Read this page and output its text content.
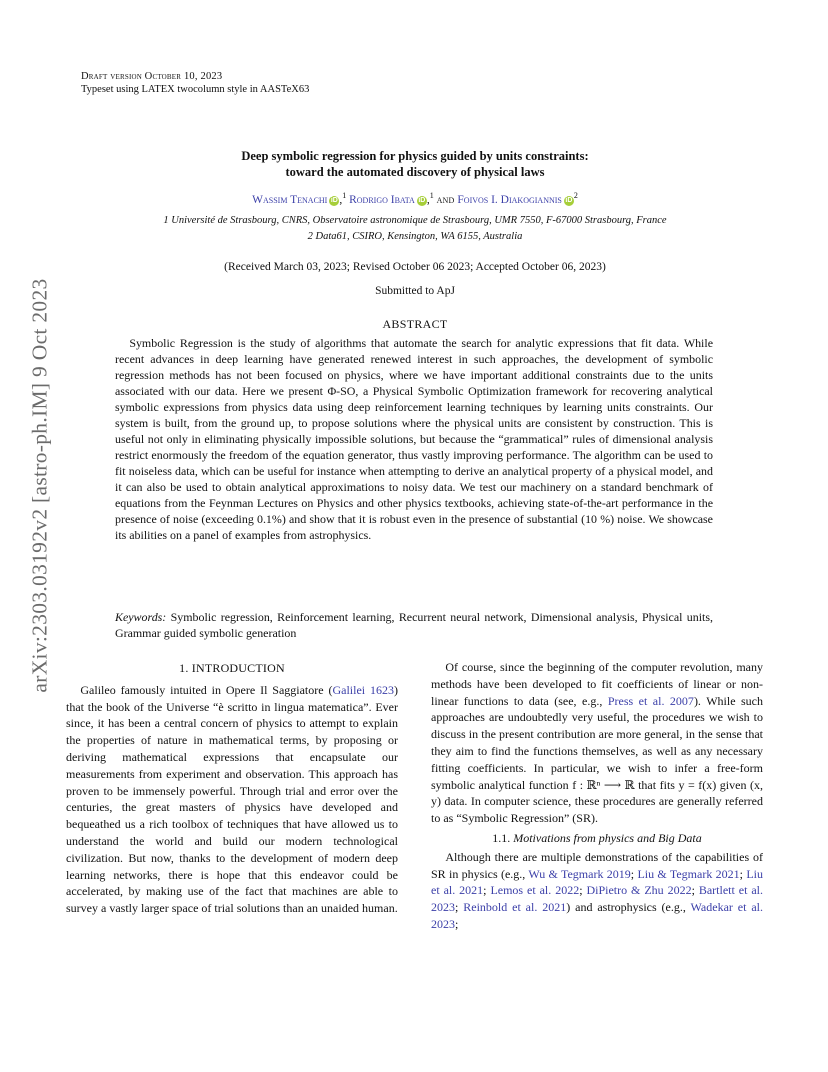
Draft version October 10, 2023
Typeset using LATEX twocolumn style in AASTeX63
arXiv:2303.03192v2 [astro-ph.IM] 9 Oct 2023
Deep symbolic regression for physics guided by units constraints:
toward the automated discovery of physical laws
Wassim Tenachi iD ,$^1$ Rodrigo Ibata iD ,$^1$ and Foivos I. Diakogiannis $iD^2$
1 Université de Strasbourg, CNRS, Observatoire astronomique de Strasbourg, UMR 7550, F-67000 Strasbourg, France
2 Data61, CSIRO, Kensington, WA 6155, Australia
(Received March 03, 2023; Revised October 06 2023; Accepted October 06, 2023)
Submitted to ApJ
ABSTRACT
Symbolic Regression is the study of algorithms that automate the search for analytic expressions that fit data. While recent advances in deep learning have generated renewed interest in such approaches, the development of symbolic regression methods has not been focused on physics, where we have important additional constraints due to the units associated with our data. Here we present Φ-SO, a Physical Symbolic Optimization framework for recovering analytical symbolic expressions from physics data using deep reinforcement learning techniques by learning units constraints. Our system is built, from the ground up, to propose solutions where the physical units are consistent by construction. This is useful not only in eliminating physically impossible solutions, but because the “grammatical” rules of dimensional analysis restrict enormously the freedom of the equation generator, thus vastly improving performance. The algorithm can be used to fit noiseless data, which can be useful for instance when attempting to derive an analytical property of a physical model, and it can also be used to obtain analytical approximations to noisy data. We test our machinery on a standard benchmark of equations from the Feynman Lectures on Physics and other physics textbooks, achieving state-of-the-art performance in the presence of noise (exceeding 0.1%) and show that it is robust even in the presence of substantial (10 %) noise. We showcase its abilities on a panel of examples from astrophysics.
Keywords: Symbolic regression, Reinforcement learning, Recurrent neural network, Dimensional analysis, Physical units, Grammar guided symbolic generation
1. INTRODUCTION

Galileo famously intuited in Opere Il Saggiatore (Galilei 1623) that the book of the Universe “è scritto in lingua matematica”. Ever since, it has been a central concern of physics to attempt to explain the properties of nature in mathematical terms, by proposing or deriving mathematical expressions that encapsulate our measurements from experiment and observation. This approach has proven to be immensely powerful. Through trial and error over the centuries, the great masters of physics have developed and bequeathed us a rich toolbox of techniques that have allowed us to understand the world and build our modern technological civilization. But now, thanks to the development of modern deep learning networks, there is hope that this endeavor could be accelerated, by making use of the fact that machines are able to survey a vastly larger space of trial solutions than an unaided human.

Of course, since the beginning of the computer revolution, many methods have been developed to fit coefficients of linear or non-linear functions to data (see, e.g., Press et al. 2007). While such approaches are undoubtedly very useful, the procedures we wish to discuss in the present contribution are more general, in the sense that they aim to find the functions themselves, as well as any necessary fitting coefficients. In particular, we wish to infer a free-form symbolic analytical function f : ℝⁿ ⟶ ℝ that fits y = f(x) given (x, y) data. In computer science, these procedures are generally referred to as “Symbolic Regression” (SR).

1.1. Motivations from physics and Big Data

Although there are multiple demonstrations of the capabilities of SR in physics (e.g., Wu & Tegmark 2019; Liu & Tegmark 2021; Liu et al. 2021; Lemos et al. 2022; DiPietro & Zhu 2022; Bartlett et al. 2023; Reinbold et al. 2021) and astrophysics (e.g., Wadekar et al. 2023;
